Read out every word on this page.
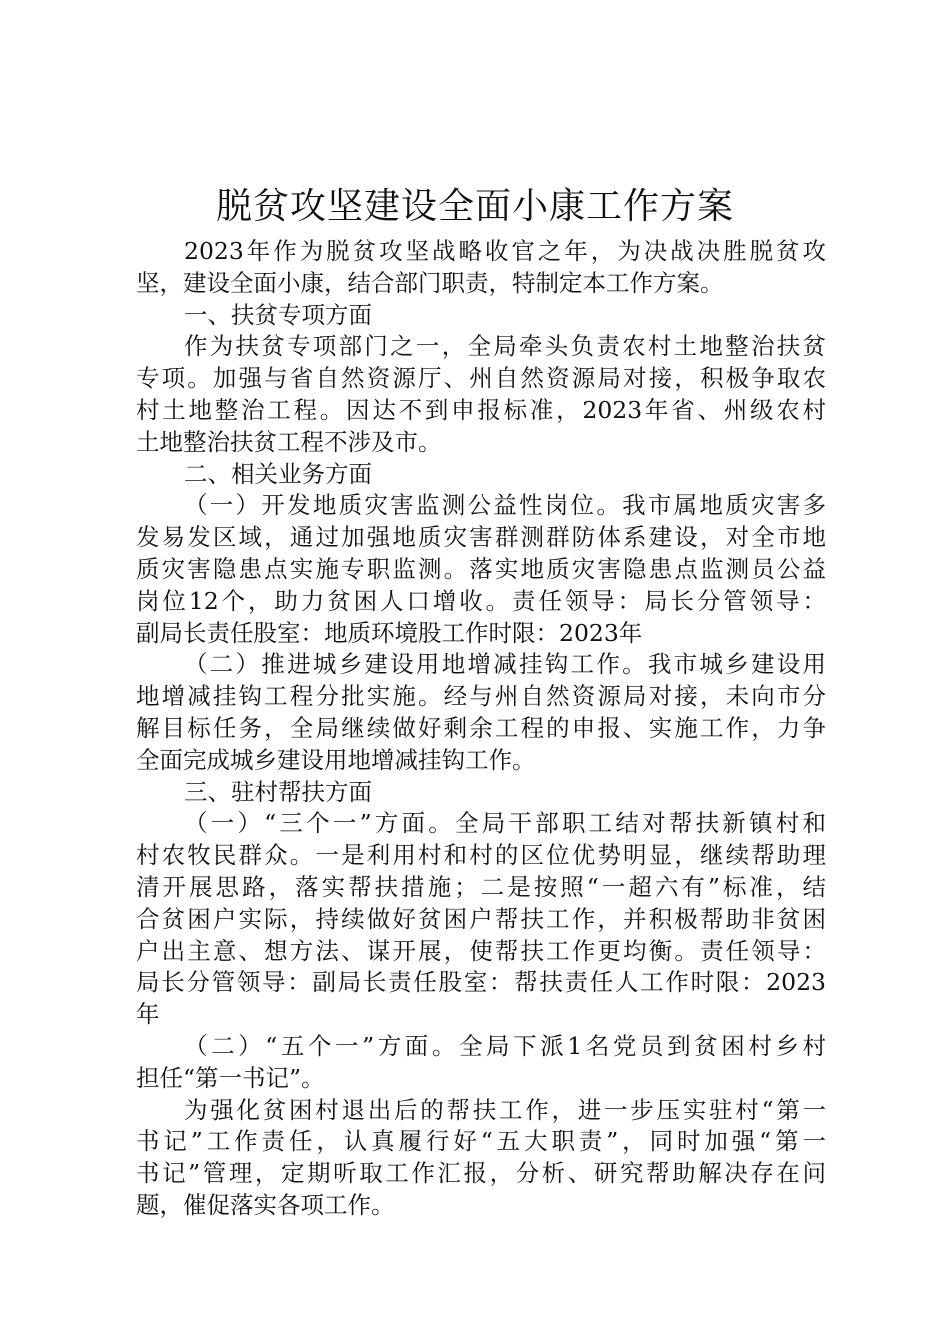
脱贫攻坚建设全面小康工作方案
2023年作为脱贫攻坚战略收官之年，为决战决胜脱贫攻
坚，建设全面小康，结合部门职责，特制定本工作方案。
一、扶贫专项方面
作为扶贫专项部门之一，全局牵头负责农村土地整治扶贫
专项。加强与省自然资源厅、州自然资源局对接，积极争取农
村土地整治工程。因达不到申报标准，2023年省、州级农村
土地整治扶贫工程不涉及市。
二、相关业务方面
（一）开发地质灾害监测公益性岗位。我市属地质灾害多
发易发区域，通过加强地质灾害群测群防体系建设，对全市地
质灾害隐患点实施专职监测。落实地质灾害隐患点监测员公益
岗位12个，助力贫困人口增收。责任领导：局长分管领导：
副局长责任股室：地质环境股工作时限：2023年
（二）推进城乡建设用地增减挂钩工作。我市城乡建设用
地增减挂钩工程分批实施。经与州自然资源局对接，未向市分
解目标任务，全局继续做好剩余工程的申报、实施工作，力争
全面完成城乡建设用地增减挂钩工作。
三、驻村帮扶方面
（一）“三个一”方面。全局干部职工结对帮扶新镇村和
村农牧民群众。一是利用村和村的区位优势明显，继续帮助理
清开展思路，落实帮扶措施；二是按照“一超六有”标准，结
合贫困户实际，持续做好贫困户帮扶工作，并积极帮助非贫困
户出主意、想方法、谋开展，使帮扶工作更均衡。责任领导：
局长分管领导：副局长责任股室：帮扶责任人工作时限：2023
年
（二）“五个一”方面。全局下派1名党员到贫困村乡村
担任“第一书记”。
为强化贫困村退出后的帮扶工作，进一步压实驻村“第一
书记”工作责任，认真履行好“五大职责”，同时加强“第一
书记”管理，定期听取工作汇报，分析、研究帮助解决存在问
题，催促落实各项工作。
